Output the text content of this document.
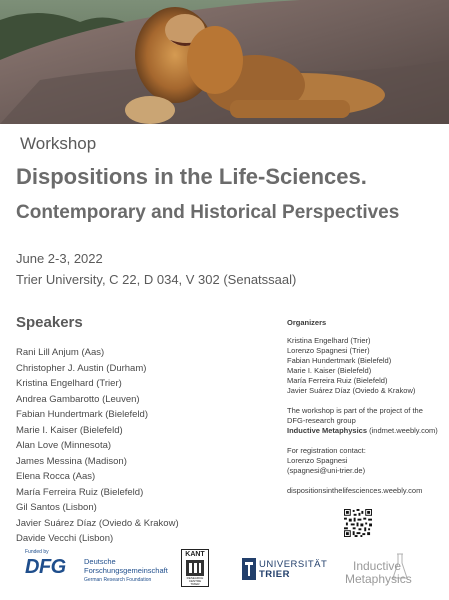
Workshop
Dispositions in the Life-Sciences.
Contemporary and Historical Perspectives
June 2-3, 2022
Trier University, C 22, D 034, V 302 (Senatssaal)
Speakers
Rani Lill Anjum (Aas)
Christopher J. Austin (Durham)
Kristina Engelhard (Trier)
Andrea Gambarotto (Leuven)
Fabian Hundertmark (Bielefeld)
Marie I. Kaiser (Bielefeld)
Alan Love (Minnesota)
James Messina (Madison)
Elena Rocca (Aas)
María Ferreira Ruiz (Bielefeld)
Gil Santos (Lisbon)
Javier Suárez Díaz (Oviedo & Krakow)
Davide Vecchi (Lisbon)
Organizers
Kristina Engelhard (Trier)
Lorenzo Spagnesi (Trier)
Fabian Hundertmark (Bielefeld)
Marie I. Kaiser (Bielefeld)
María Ferreira Ruiz (Bielefeld)
Javier Suárez Díaz (Oviedo & Krakow)
The workshop is part of the project of the
DFG-research group
Inductive Metaphysics (indmet.weebly.com)
For registration contact:
Lorenzo Spagnesi
(spagnesi@uni-trier.de)
dispositionsinthelifesciences.weebly.com
Funded by
DFG Deutsche
Forschungsgemeinschaft
German Research Foundation
KANT
RESEARCH
CENTRE
TRIER
UNIVERSITÄT
TRIER
Inductive
Metaphysics
